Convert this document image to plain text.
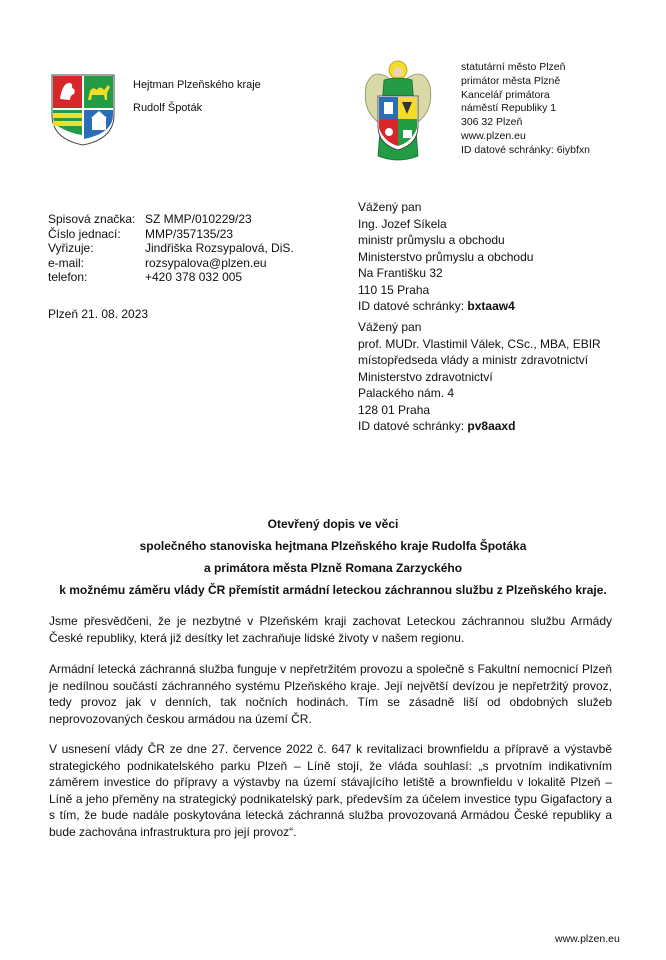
Hejtman Plzeňského kraje
Rudolf Špoták
statutární město Plzeň
primátor města Plzně
Kancelář primátora
náměstí Republiky 1
306 32 Plzeň
www.plzen.eu
ID datové schránky: 6iybfxn
Spisová značka: SZ MMP/010229/23
Číslo jednací: MMP/357135/23
Vyřizuje:	Jindřiška Rozsypalová, DiS.
e-mail:	rozsypalova@plzen.eu
telefon:	+420 378 032 005
Plzeň 21. 08. 2023
Vážený pan
Ing. Jozef Síkela
ministr průmyslu a obchodu
Ministerstvo průmyslu a obchodu
Na Františku 32
110 15 Praha
ID datové schránky: bxtaaw4
Vážený pan
prof. MUDr. Vlastimil Válek, CSc., MBA, EBIR
místopředseda vlády a ministr zdravotnictví
Ministerstvo zdravotnictví
Palackého nám. 4
128 01 Praha
ID datové schránky: pv8aaxd
Otevřený dopis ve věci
společného stanoviska hejtmana Plzeňského kraje Rudolfa Špotáka
a primátora města Plzně Romana Zarzyckého
k možnému záměru vlády ČR přemístit armádní leteckou záchrannou službu z Plzeňského kraje.
Jsme přesvědčeni, že je nezbytné v Plzeňském kraji zachovat Leteckou záchrannou službu Armády České republiky, která již desítky let zachraňuje lidské životy v našem regionu.
Armádní letecká záchranná služba funguje v nepřetržitém provozu a společně s Fakultní nemocnicí Plzeň je nedílnou součástí záchranného systému Plzeňského kraje. Její největší devízou je nepřetržitý provoz, tedy provoz jak v denních, tak nočních hodinách. Tím se zásadně liší od obdobných služeb neprovozovaných českou armádou na území ČR.
V usnesení vlády ČR ze dne 27. července 2022 č. 647 k revitalizaci brownfieldu a přípravě a výstavbě strategického podnikatelského parku Plzeň – Líně stojí, že vláda souhlasí: „s prvotním indikativním záměrem investice do přípravy a výstavby na území stávajícího letiště a brownfieldu v lokalitě Plzeň – Líně a jeho přeměny na strategický podnikatelský park, především za účelem investice typu Gigafactory a s tím, že bude nadále poskytována letecká záchranná služba provozovaná Armádou České republiky a bude zachována infrastruktura pro její provoz“.
www.plzen.eu
